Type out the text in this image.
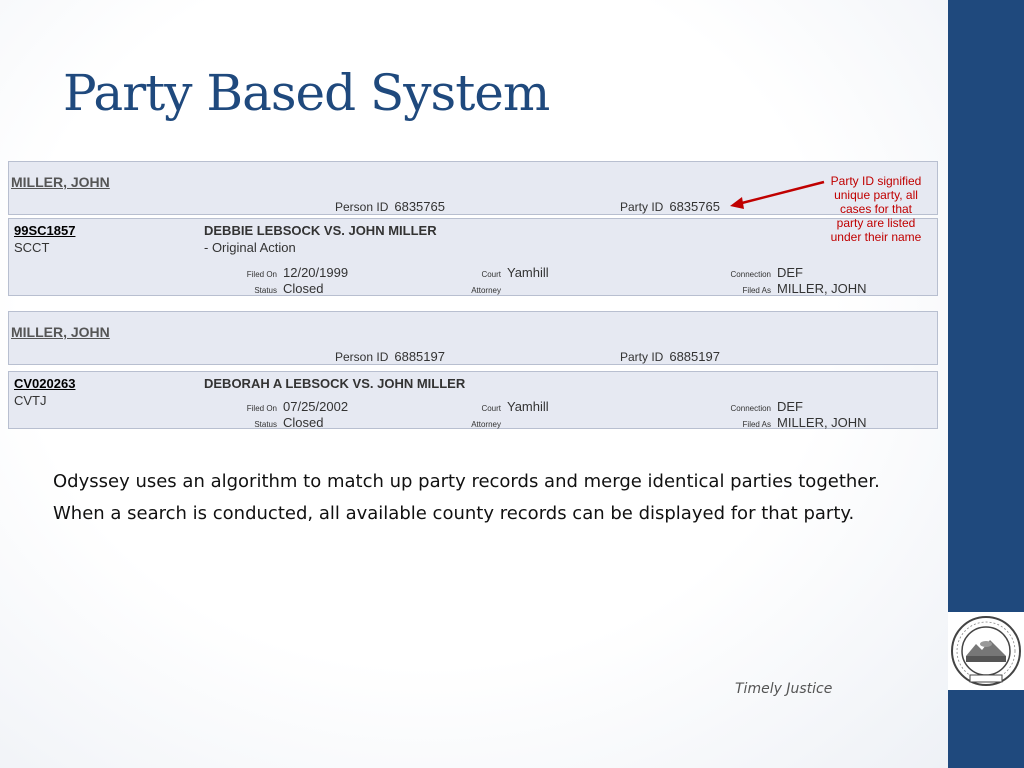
Party Based System
MILLER, JOHN
Person ID 6835765	Party ID 6835765
99SC1857
SCCT
DEBBIE LEBSOCK VS. JOHN MILLER
- Original Action
Filed On 12/20/1999
Status Closed
Court Yamhill
Attorney
Connection DEF
Filed As MILLER, JOHN
MILLER, JOHN
Person ID 6885197	Party ID 6885197
CV020263
CVTJ
DEBORAH A LEBSOCK VS. JOHN MILLER
Filed On 07/25/2002
Status Closed
Court Yamhill
Attorney
Connection DEF
Filed As MILLER, JOHN
Party ID signified
unique party, all
cases for that
party are listed
under their name

Odyssey uses an algorithm to match up party records and merge identical parties together. When a search is conducted, all available county records can be displayed for that party.

Timely Justice
